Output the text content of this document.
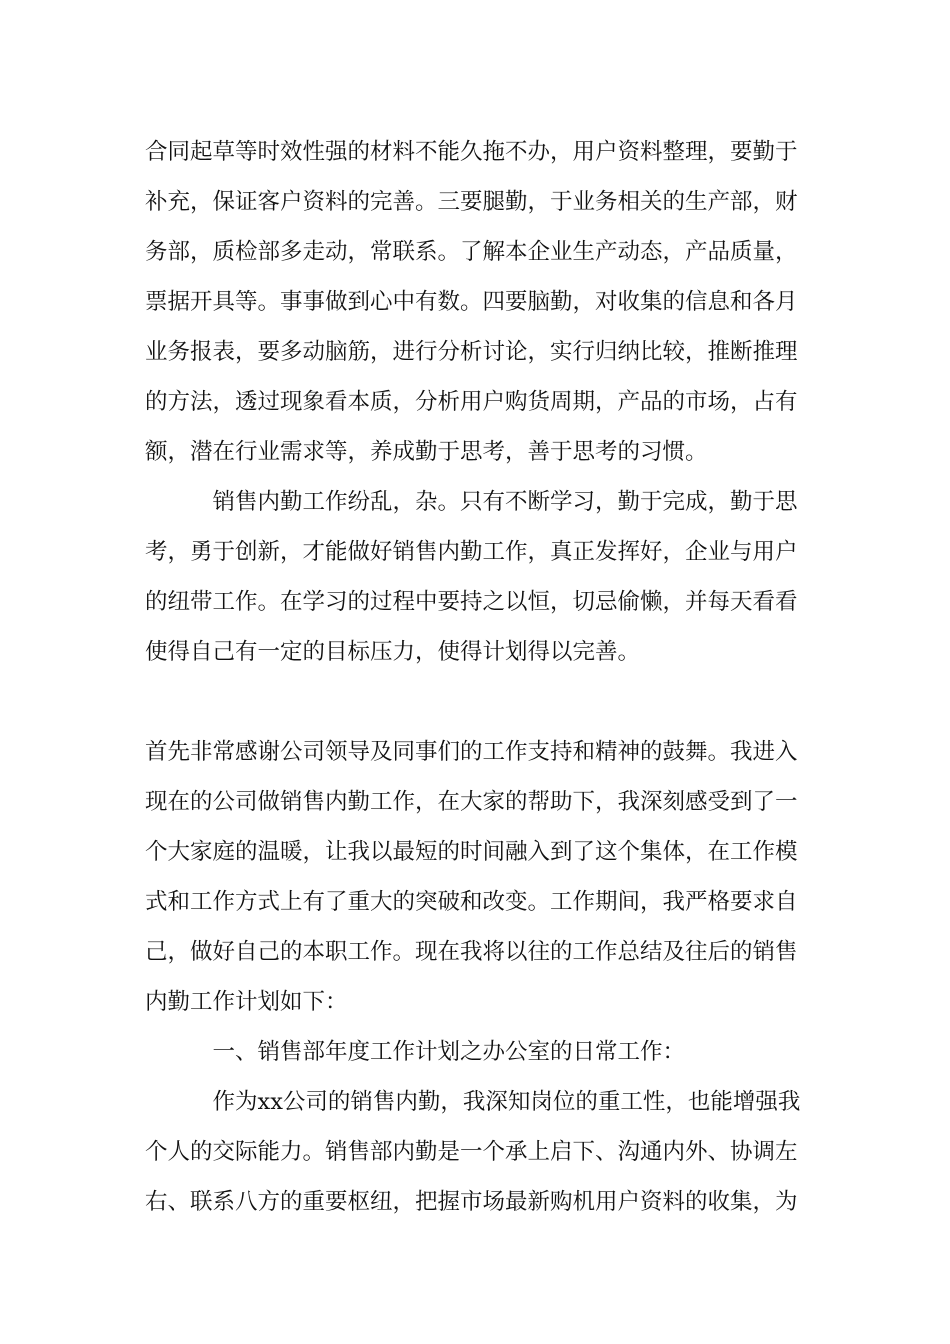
合同起草等时效性强的材料不能久拖不办，用户资料整理，要勤于
补充，保证客户资料的完善。三要腿勤，于业务相关的生产部，财
务部，质检部多走动，常联系。了解本企业生产动态，产品质量，
票据开具等。事事做到心中有数。四要脑勤，对收集的信息和各月
业务报表，要多动脑筋，进行分析讨论，实行归纳比较，推断推理
的方法，透过现象看本质，分析用户购货周期，产品的市场，占有
额，潜在行业需求等，养成勤于思考，善于思考的习惯。
　　　销售内勤工作纷乱，杂。只有不断学习，勤于完成，勤于思
考，勇于创新，才能做好销售内勤工作，真正发挥好，企业与用户
的纽带工作。在学习的过程中要持之以恒，切忌偷懒，并每天看看
使得自己有一定的目标压力，使得计划得以完善。
首先非常感谢公司领导及同事们的工作支持和精神的鼓舞。我进入
现在的公司做销售内勤工作，在大家的帮助下，我深刻感受到了一
个大家庭的温暖，让我以最短的时间融入到了这个集体，在工作模
式和工作方式上有了重大的突破和改变。工作期间，我严格要求自
己，做好自己的本职工作。现在我将以往的工作总结及往后的销售
内勤工作计划如下：
　　　一、销售部年度工作计划之办公室的日常工作：
　　　作为xx公司的销售内勤，我深知岗位的重工性，也能增强我
个人的交际能力。销售部内勤是一个承上启下、沟通内外、协调左
右、联系八方的重要枢纽，把握市场最新购机用户资料的收集，为
